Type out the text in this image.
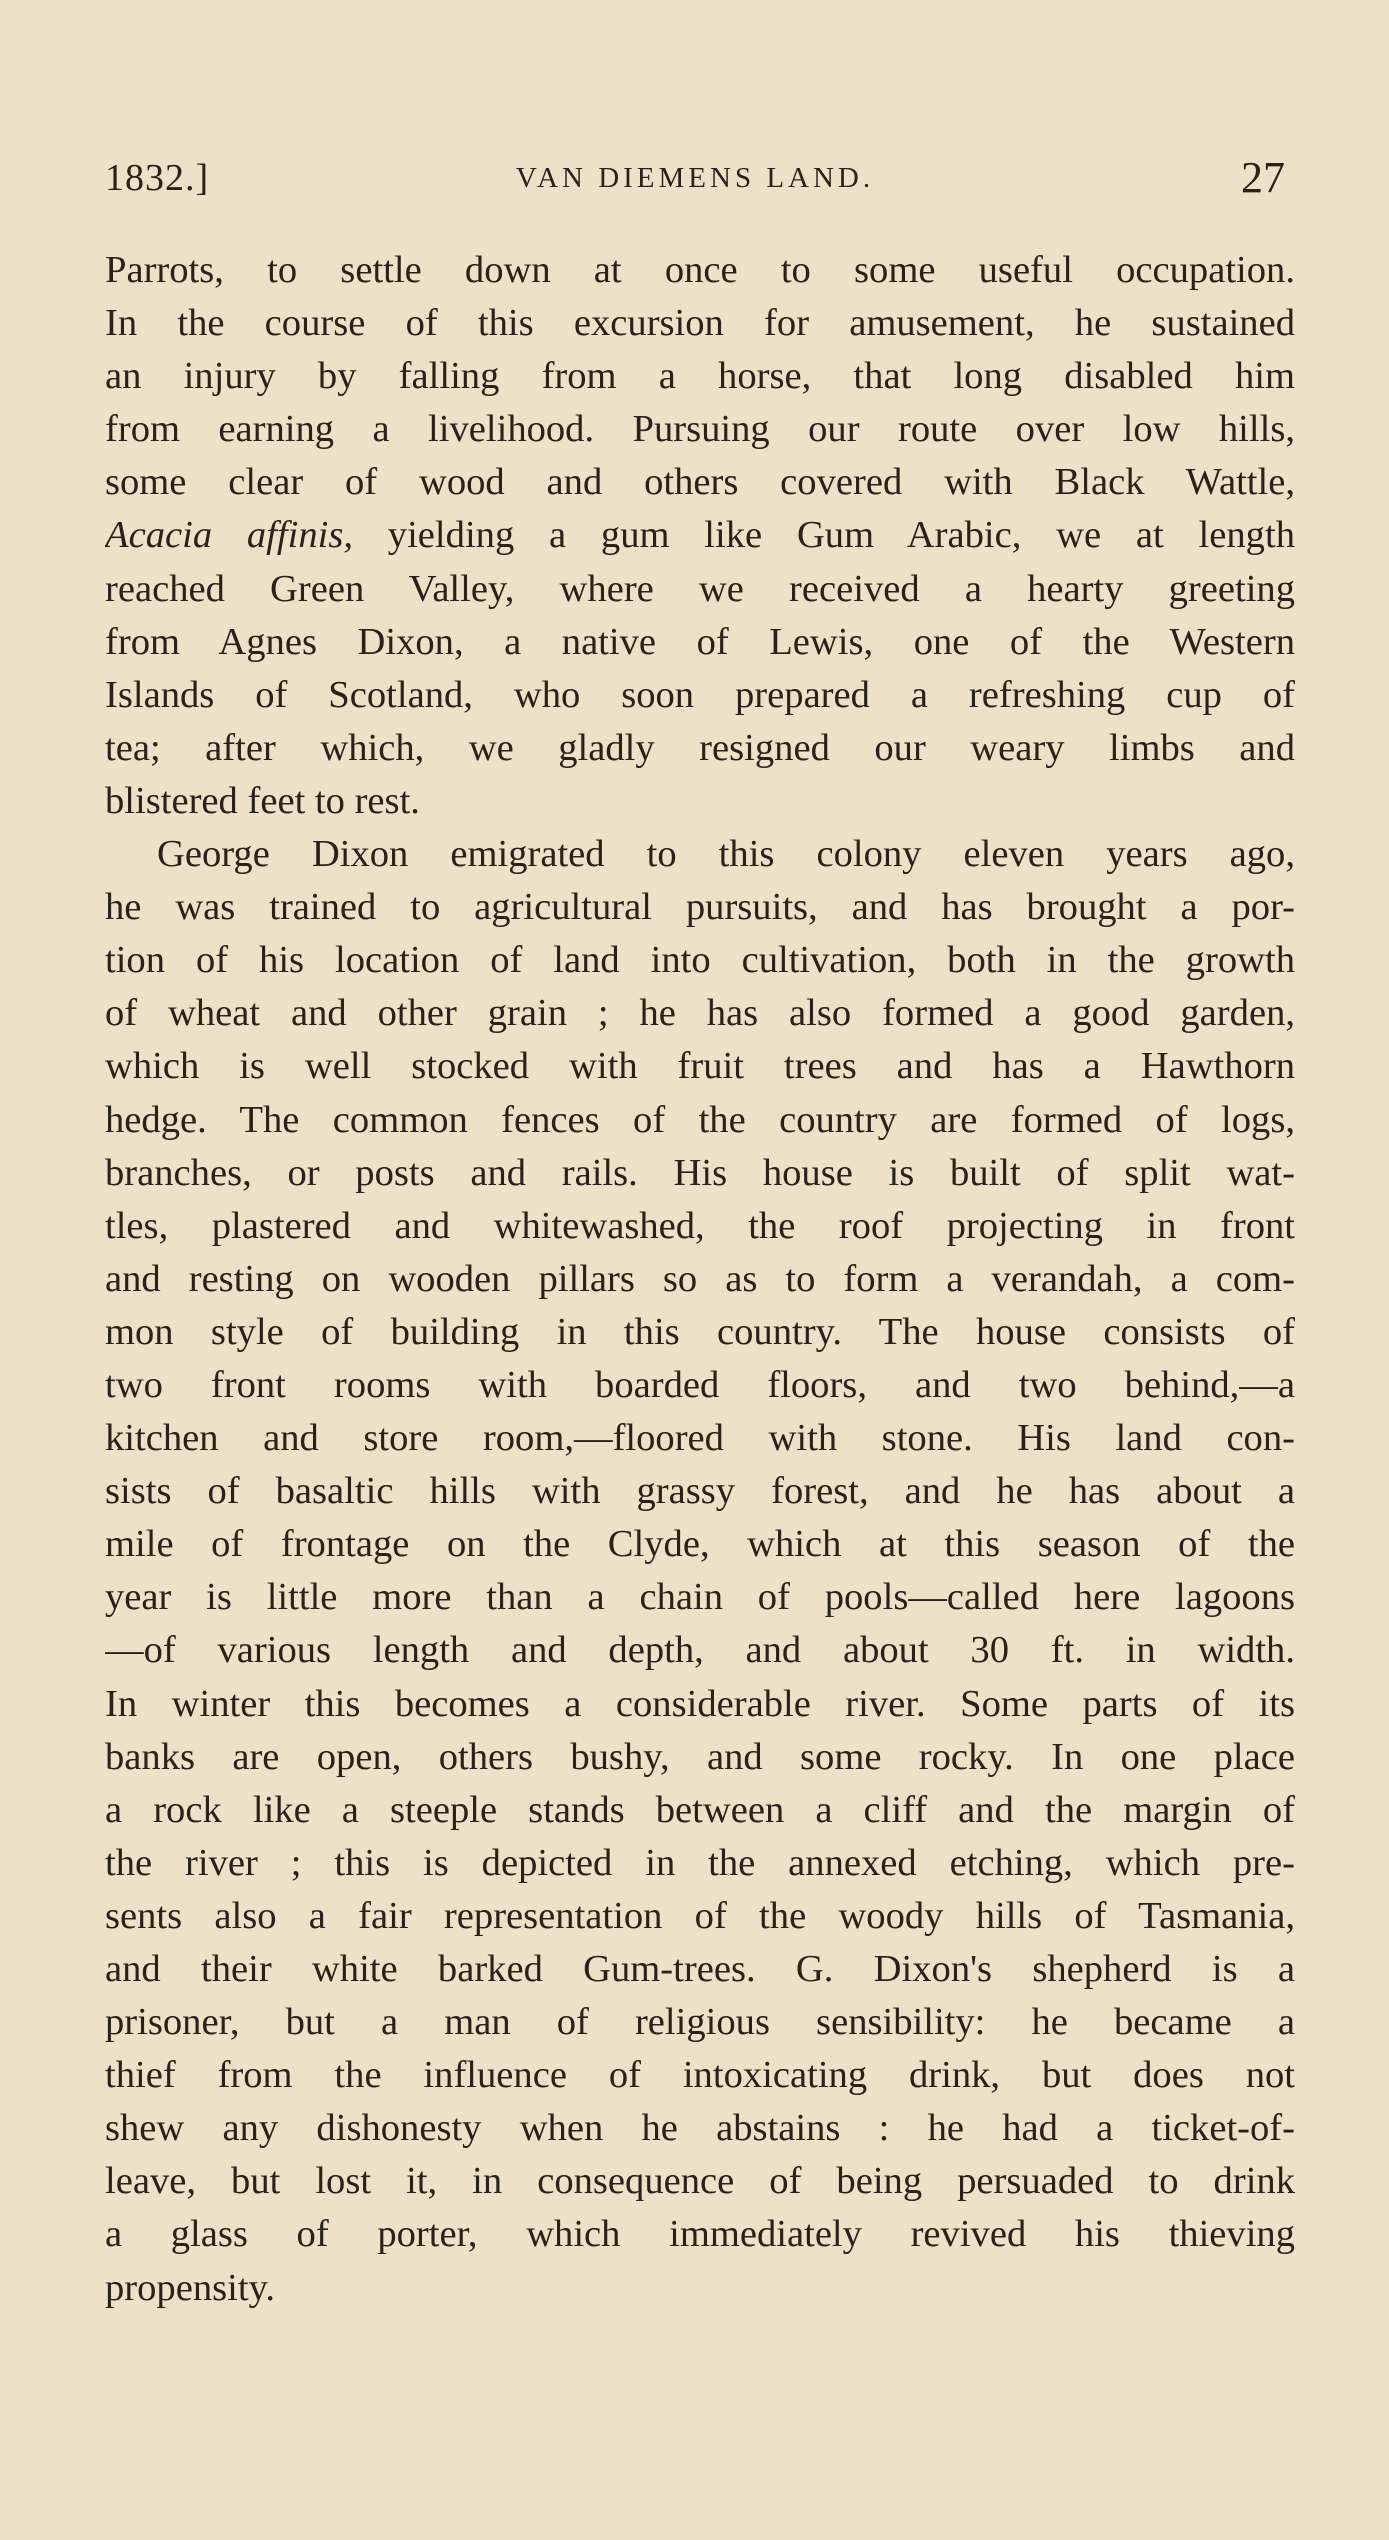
1832.]	VAN DIEMENS LAND.	27
Parrots, to settle down at once to some useful occupation.
In the course of this excursion for amusement, he sustained
an injury by falling from a horse, that long disabled him
from earning a livelihood. Pursuing our route over low hills,
some clear of wood and others covered with Black Wattle,
Acacia affinis, yielding a gum like Gum Arabic, we at length
reached Green Valley, where we received a hearty greeting
from Agnes Dixon, a native of Lewis, one of the Western
Islands of Scotland, who soon prepared a refreshing cup of
tea; after which, we gladly resigned our weary limbs and
blistered feet to rest.
George Dixon emigrated to this colony eleven years ago,
he was trained to agricultural pursuits, and has brought a por-
tion of his location of land into cultivation, both in the growth
of wheat and other grain ; he has also formed a good garden,
which is well stocked with fruit trees and has a Hawthorn
hedge. The common fences of the country are formed of logs,
branches, or posts and rails. His house is built of split wat-
tles, plastered and whitewashed, the roof projecting in front
and resting on wooden pillars so as to form a verandah, a com-
mon style of building in this country. The house consists of
two front rooms with boarded floors, and two behind,—a
kitchen and store room,—floored with stone. His land con-
sists of basaltic hills with grassy forest, and he has about a
mile of frontage on the Clyde, which at this season of the
year is little more than a chain of pools—called here lagoons
—of various length and depth, and about 30 ft. in width.
In winter this becomes a considerable river. Some parts of its
banks are open, others bushy, and some rocky. In one place
a rock like a steeple stands between a cliff and the margin of
the river ; this is depicted in the annexed etching, which pre-
sents also a fair representation of the woody hills of Tasmania,
and their white barked Gum-trees. G. Dixon's shepherd is a
prisoner, but a man of religious sensibility: he became a
thief from the influence of intoxicating drink, but does not
shew any dishonesty when he abstains : he had a ticket-of-
leave, but lost it, in consequence of being persuaded to drink
a glass of porter, which immediately revived his thieving
propensity.
